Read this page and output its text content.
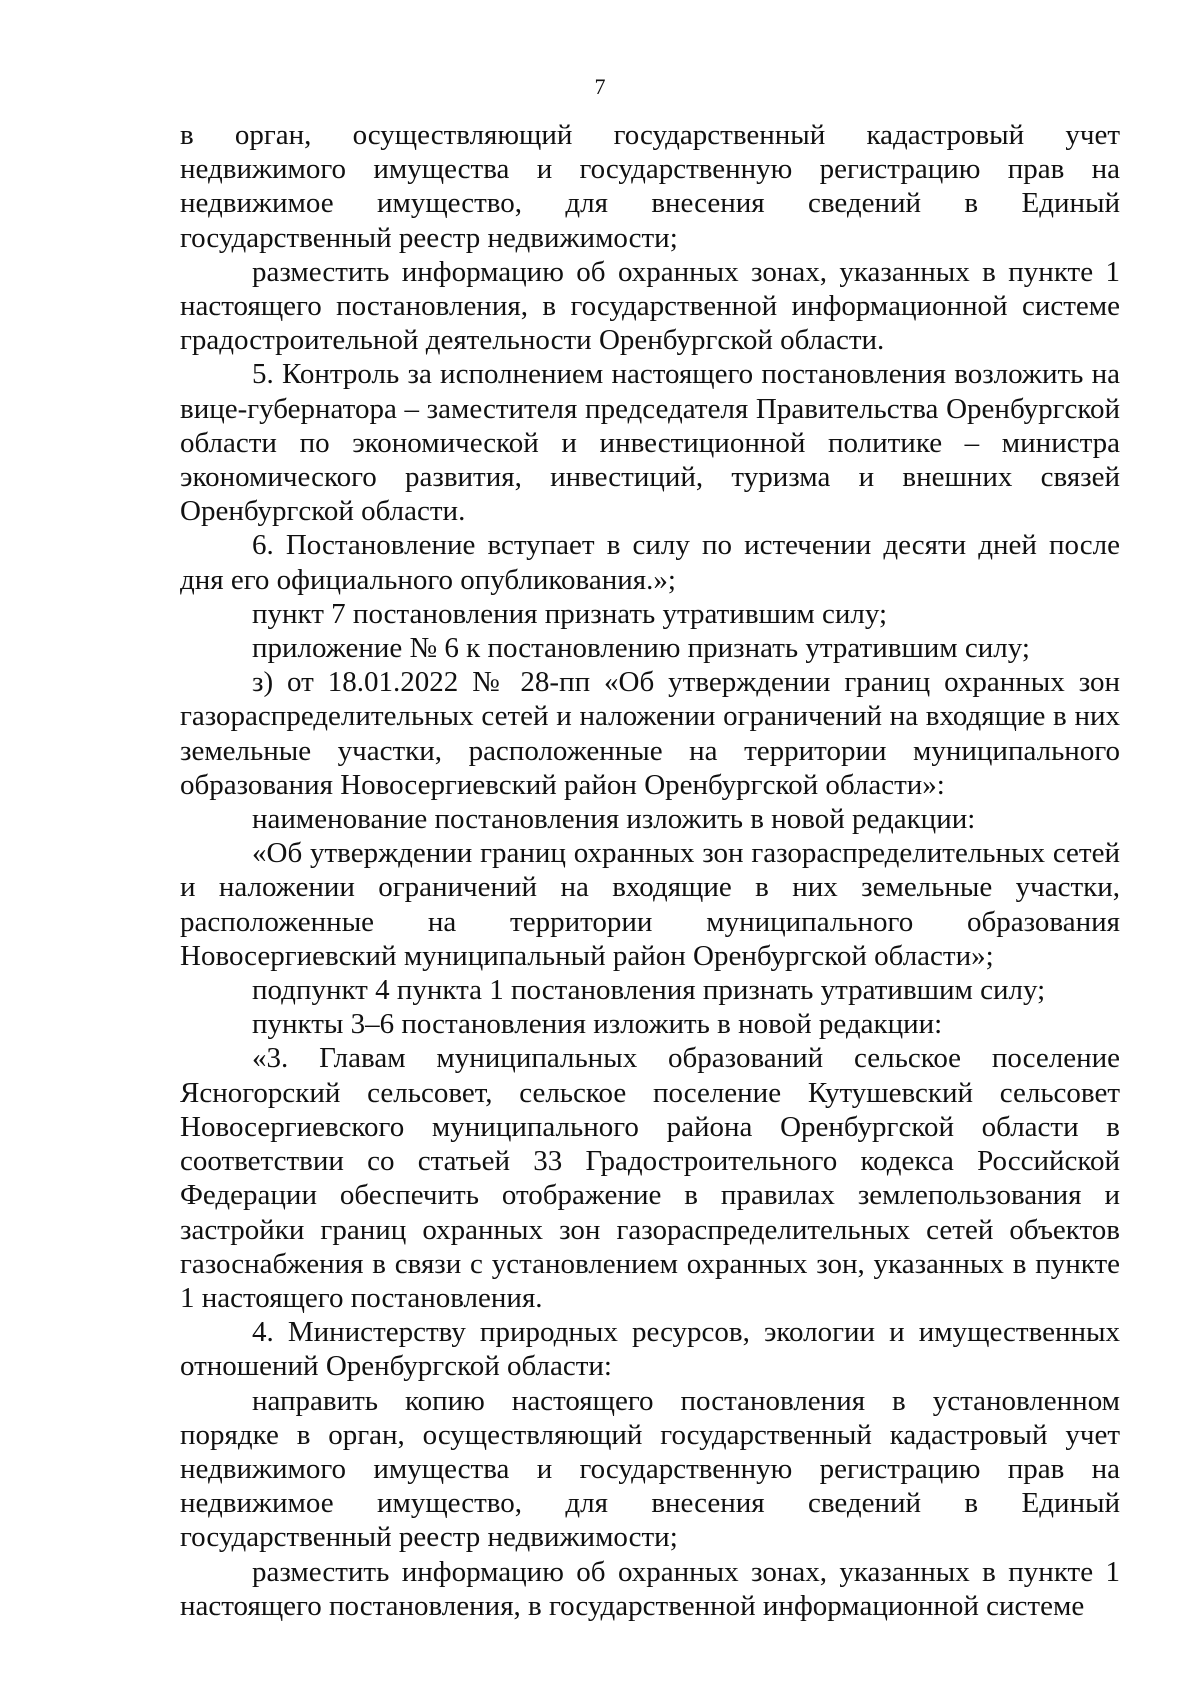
7

в орган, осуществляющий государственный кадастровый учет недвижимого имущества и государственную регистрацию прав на недвижимое имущество, для внесения сведений в Единый государственный реестр недвижимости;

разместить информацию об охранных зонах, указанных в пункте 1 настоящего постановления, в государственной информационной системе градостроительной деятельности Оренбургской области.

5. Контроль за исполнением настоящего постановления возложить на вице-губернатора – заместителя председателя Правительства Оренбургской области по экономической и инвестиционной политике – министра экономического развития, инвестиций, туризма и внешних связей Оренбургской области.

6. Постановление вступает в силу по истечении десяти дней после дня его официального опубликования.»;

пункт 7 постановления признать утратившим силу;

приложение № 6 к постановлению признать утратившим силу;

з) от 18.01.2022 № 28-пп «Об утверждении границ охранных зон газораспределительных сетей и наложении ограничений на входящие в них земельные участки, расположенные на территории муниципального образования Новосергиевский район Оренбургской области»:

наименование постановления изложить в новой редакции:

«Об утверждении границ охранных зон газораспределительных сетей и наложении ограничений на входящие в них земельные участки, расположенные на территории муниципального образования Новосергиевский муниципальный район Оренбургской области»;

подпункт 4 пункта 1 постановления признать утратившим силу;

пункты 3–6 постановления изложить в новой редакции:

«3. Главам муниципальных образований сельское поселение Ясногорский сельсовет, сельское поселение Кутушевский сельсовет Новосергиевского муниципального района Оренбургской области в соответствии со статьей 33 Градостроительного кодекса Российской Федерации обеспечить отображение в правилах землепользования и застройки границ охранных зон газораспределительных сетей объектов газоснабжения в связи с установлением охранных зон, указанных в пункте 1 настоящего постановления.

4. Министерству природных ресурсов, экологии и имущественных отношений Оренбургской области:

направить копию настоящего постановления в установленном порядке в орган, осуществляющий государственный кадастровый учет недвижимого имущества и государственную регистрацию прав на недвижимое имущество, для внесения сведений в Единый государственный реестр недвижимости;

разместить информацию об охранных зонах, указанных в пункте 1 настоящего постановления, в государственной информационной системе
